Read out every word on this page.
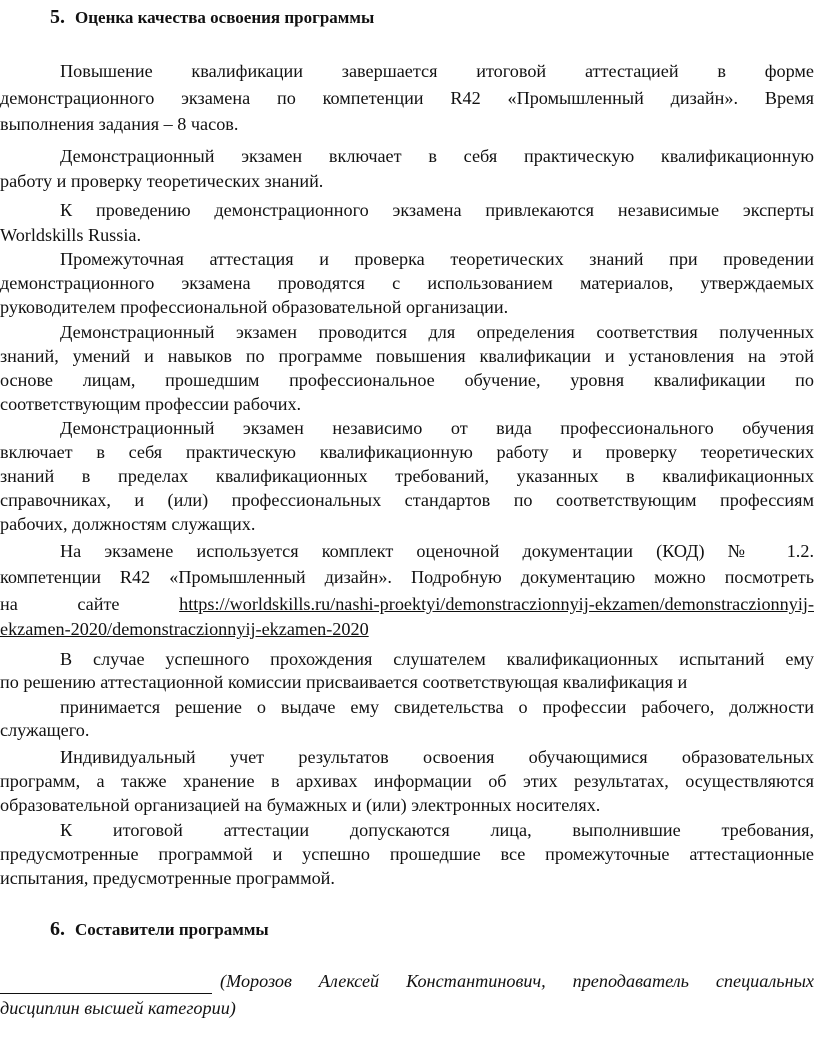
5. Оценка качества освоения программы
Повышение квалификации завершается итоговой аттестацией в форме
демонстрационного экзамена по компетенции R42 «Промышленный дизайн». Время
выполнения задания – 8 часов.
Демонстрационный экзамен включает в себя практическую квалификационную
работу и проверку теоретических знаний.
К проведению демонстрационного экзамена привлекаются независимые эксперты
Worldskills Russia.
Промежуточная аттестация и проверка теоретических знаний при проведении
демонстрационного экзамена проводятся с использованием материалов, утверждаемых
руководителем профессиональной образовательной организации.
Демонстрационный экзамен проводится для определения соответствия полученных
знаний, умений и навыков по программе повышения квалификации и установления на этой
основе лицам, прошедшим профессиональное обучение, уровня квалификации по
соответствующим профессии рабочих.
Демонстрационный экзамен независимо от вида профессионального обучения
включает в себя практическую квалификационную работу и проверку теоретических
знаний в пределах квалификационных требований, указанных в квалификационных
справочниках, и (или) профессиональных стандартов по соответствующим профессиям
рабочих, должностям служащих.
На экзамене используется комплект оценочной документации (КОД) № 1.2.
компетенции R42 «Промышленный дизайн». Подробную документацию можно посмотреть
на сайте	https://worldskills.ru/nashi-proektyi/demonstraczionnyij-ekzamen/demonstraczionnyij-
ekzamen-2020/demonstraczionnyij-ekzamen-2020
В случае успешного прохождения слушателем квалификационных испытаний ему
по решению аттестационной комиссии присваивается соответствующая квалификация и
принимается решение о выдаче ему свидетельства о профессии рабочего, должности
служащего.
Индивидуальный учет результатов освоения обучающимися образовательных
программ, а также хранение в архивах информации об этих результатах, осуществляются
образовательной организацией на бумажных и (или) электронных носителях.
К итоговой аттестации допускаются лица, выполнившие требования,
предусмотренные программой и успешно прошедшие все промежуточные аттестационные
испытания, предусмотренные программой.
6. Составители программы
(Морозов Алексей Константинович, преподаватель специальных
дисциплин высшей категории)
